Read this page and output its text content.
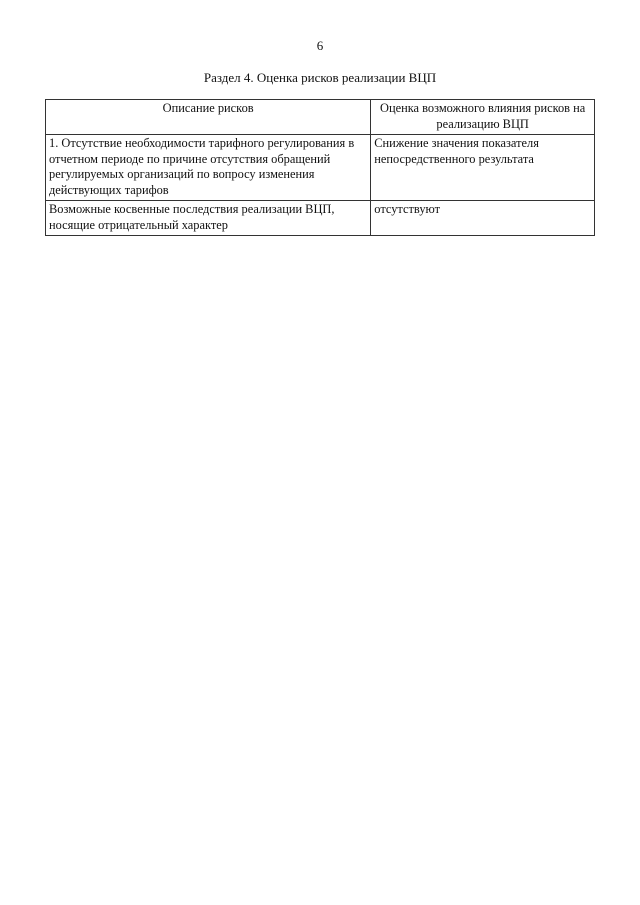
6
Раздел 4. Оценка рисков реализации ВЦП
Описание рисков	Оценка возможного влияния рисков на реализацию ВЦП

1. Отсутствие необходимости тарифного регулирования в отчетном периоде по причине отсутствия обращений регулируемых организаций по вопросу изменения действующих тарифов	Снижение значения показателя непосредственного результата

Возможные косвенные последствия реализации ВЦП, носящие отрицательный характер	отсутствуют
